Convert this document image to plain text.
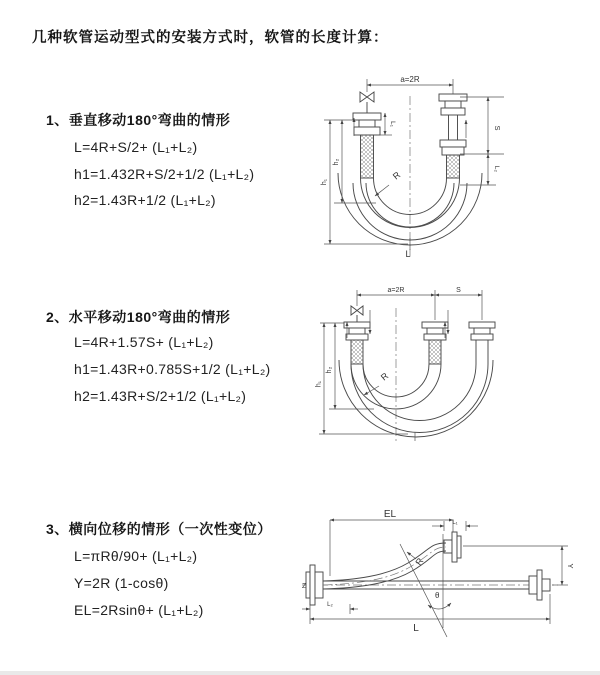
几种软管运动型式的安装方式时，软管的长度计算：
1、垂直移动180°弯曲的情形
L=4R+S/2+ (L₁+L₂)
h1=1.432R+S/2+1/2 (L₁+L₂)
h2=1.43R+1/2 (L₁+L₂)
2、水平移动180°弯曲的情形
L=4R+1.57S+ (L₁+L₂)
h1=1.43R+0.785S+1/2 (L₁+L₂)
h2=1.43R+S/2+1/2 (L₁+L₂)
3、横向位移的情形（一次性变位）
L=πRθ/90+ (L₁+L₂)
Y=2R (1-cosθ)
EL=2Rsinθ+ (L₁+L₂)
a=2R
S
L₂
h₂
h₁
L₁
R
L
a=2R	S
h₂
h₁
R
Z
EL
L₁
θ
R	Y
L₂
L
